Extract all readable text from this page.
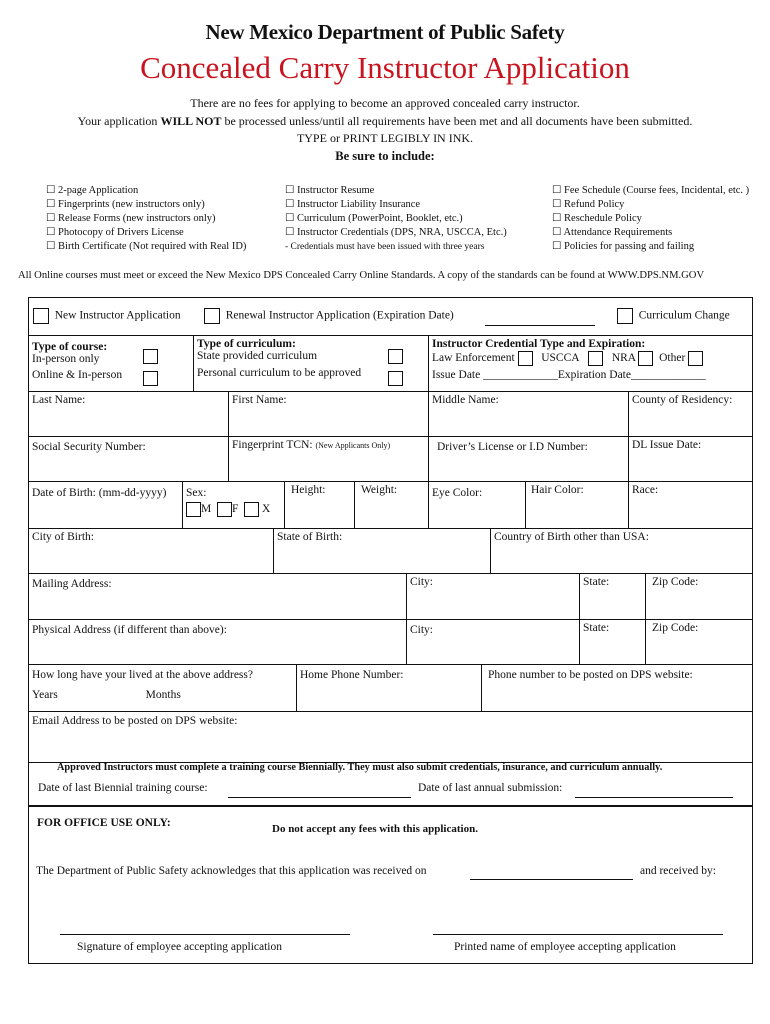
New Mexico Department of Public Safety
Concealed Carry Instructor Application
There are no fees for applying to become an approved concealed carry instructor.
Your application WILL NOT be processed unless/until all requirements have been met and all documents have been submitted.
TYPE or PRINT LEGIBLY IN INK.
Be sure to include:
☐ 2-page Application
☐ Fingerprints (new instructors only)
☐ Release Forms (new instructors only)
☐ Photocopy of Drivers License
☐ Birth Certificate (Not required with Real ID)
☐ Instructor Resume
☐ Instructor Liability Insurance
☐ Curriculum (PowerPoint, Booklet, etc.)
☐ Instructor Credentials (DPS, NRA, USCCA, Etc.)
- Credentials must have been issued with three years
☐ Fee Schedule (Course fees, Incidental, etc. )
☐ Refund Policy
☐ Reschedule Policy
☐ Attendance Requirements
☐ Policies for passing and failing
All Online courses must meet or exceed the New Mexico DPS Concealed Carry Online Standards. A copy of the standards can be found at WWW.DPS.NM.GOV
New Instructor Application	Renewal Instructor Application (Expiration Date)	Curriculum Change
Type of course:
In-person only
Online & In-person
Type of curriculum:
State provided curriculum
Personal curriculum to be approved
Instructor Credential Type and Expiration:
Law Enforcement USCCA	NRA Other
Issue Date _____________Expiration Date_____________
Last Name:	First Name:	Middle Name:	County of Residency:
Social Security Number:	Fingerprint TCN: (New Applicants Only)	Driver’s License or I.D Number:	DL Issue Date:
Date of Birth: (mm-dd-yyyy)	Sex:
M F X
Height:	Weight:	Eye Color:	Hair Color:	Race:
City of Birth:	State of Birth:	Country of Birth other than USA:
Mailing Address:	City:	State:	Zip Code:
Physical Address (if different than above):	City:	State:	Zip Code:
How long have your lived at the above address?
Years	Months
Home Phone Number:	Phone number to be posted on DPS website:
Email Address to be posted on DPS website:
Approved Instructors must complete a training course Biennially. They must also submit credentials, insurance, and curriculum annually.
Date of last Biennial training course:	Date of last annual submission:
FOR OFFICE USE ONLY:	Do not accept any fees with this application.
The Department of Public Safety acknowledges that this application was received on	and received by:
Signature of employee accepting application	Printed name of employee accepting application
